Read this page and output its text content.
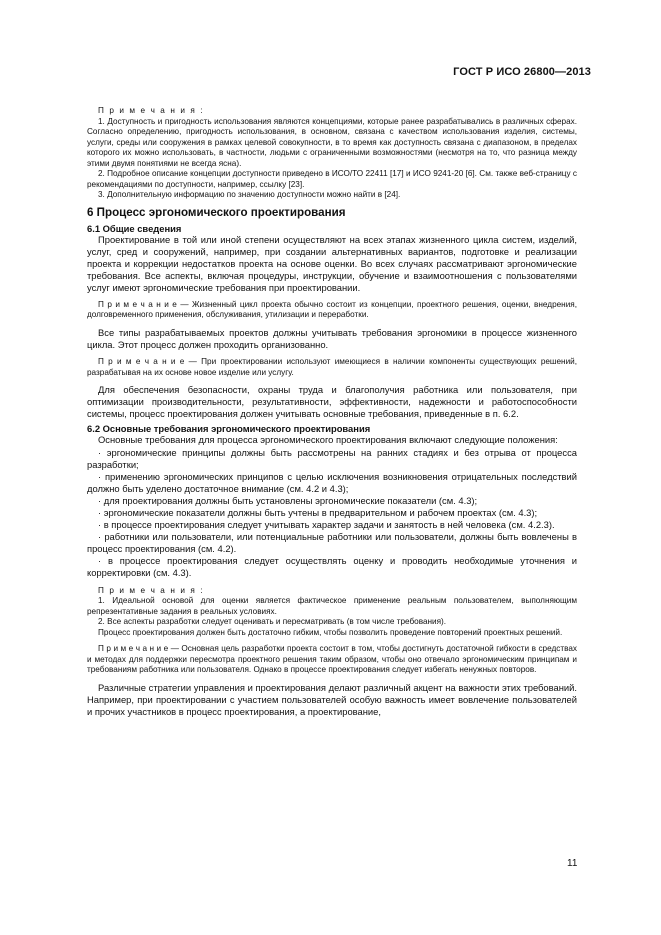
ГОСТ Р ИСО 26800—2013

П р и м е ч а н и я :

1. Доступность и пригодность использования являются концепциями, которые ранее разрабатывались в различных сферах. Согласно определению, пригодность использования, в основном, связана с качеством использования изделия, системы, услуги, среды или сооружения в рамках целевой совокупности, в то время как доступность связана с диапазоном, в пределах которого их можно использовать, в частности, людьми с ограниченными возможностями (несмотря на то, что разница между этими двумя понятиями не всегда ясна).

2. Подробное описание концепции доступности приведено в ИСО/ТО 22411 [17] и ИСО 9241-20 [6]. См. также веб-страницу с рекомендациями по доступности, например, ссылку [23].

3. Дополнительную информацию по значению доступности можно найти в [24].

6 Процесс эргономического проектирования
6.1 Общие сведения

Проектирование в той или иной степени осуществляют на всех этапах жизненного цикла систем, изделий, услуг, сред и сооружений, например, при создании альтернативных вариантов, подготовке и реализации проекта и коррекции недостатков проекта на основе оценки. Во всех случаях рассматривают эргономические требования. Все аспекты, включая процедуры, инструкции, обучение и взаимоотношения с пользователями услуг имеют эргономические требования при проектировании.

П р и м е ч а н и е — Жизненный цикл проекта обычно состоит из концепции, проектного решения, оценки, внедрения, долговременного применения, обслуживания, утилизации и переработки.

Все типы разрабатываемых проектов должны учитывать требования эргономики в процессе жизненного цикла. Этот процесс должен проходить организованно.

П р и м е ч а н и е — При проектировании используют имеющиеся в наличии компоненты существующих решений, разрабатывая на их основе новое изделие или услугу.

Для обеспечения безопасности, охраны труда и благополучия работника или пользователя, при оптимизации производительности, результативности, эффективности, надежности и работоспособности системы, процесс проектирования должен учитывать основные требования, приведенные в п. 6.2.

6.2 Основные требования эргономического проектирования

Основные требования для процесса эргономического проектирования включают следующие положения:

· эргономические принципы должны быть рассмотрены на ранних стадиях и без отрыва от процесса разработки;

· применению эргономических принципов с целью исключения возникновения отрицательных последствий должно быть уделено достаточное внимание (см. 4.2 и 4.3);

· для проектирования должны быть установлены эргономические показатели (см. 4.3);

· эргономические показатели должны быть учтены в предварительном и рабочем проектах (см. 4.3);

· в процессе проектирования следует учитывать характер задачи и занятость в ней человека (см. 4.2.3).

· работники или пользователи, или потенциальные работники или пользователи, должны быть вовлечены в процесс проектирования (см. 4.2).

· в процессе проектирования следует осуществлять оценку и проводить необходимые уточнения и корректировки (см. 4.3).

П р и м е ч а н и я :

1. Идеальной основой для оценки является фактическое применение реальным пользователем, выполняющим репрезентативные задания в реальных условиях.

2. Все аспекты разработки следует оценивать и пересматривать (в том числе требования).

Процесс проектирования должен быть достаточно гибким, чтобы позволить проведение повторений проектных решений.

П р и м е ч а н и е — Основная цель разработки проекта состоит в том, чтобы достигнуть достаточной гибкости в средствах и методах для поддержки пересмотра проектного решения таким образом, чтобы оно отвечало эргономическим принципам и требованиям работника или пользователя. Однако в процессе проектирования следует избегать ненужных повторов.

Различные стратегии управления и проектирования делают различный акцент на важности этих требований. Например, при проектировании с участием пользователей особую важность имеет вовлечение пользователей и прочих участников в процесс проектирования, а проектирование,

11
